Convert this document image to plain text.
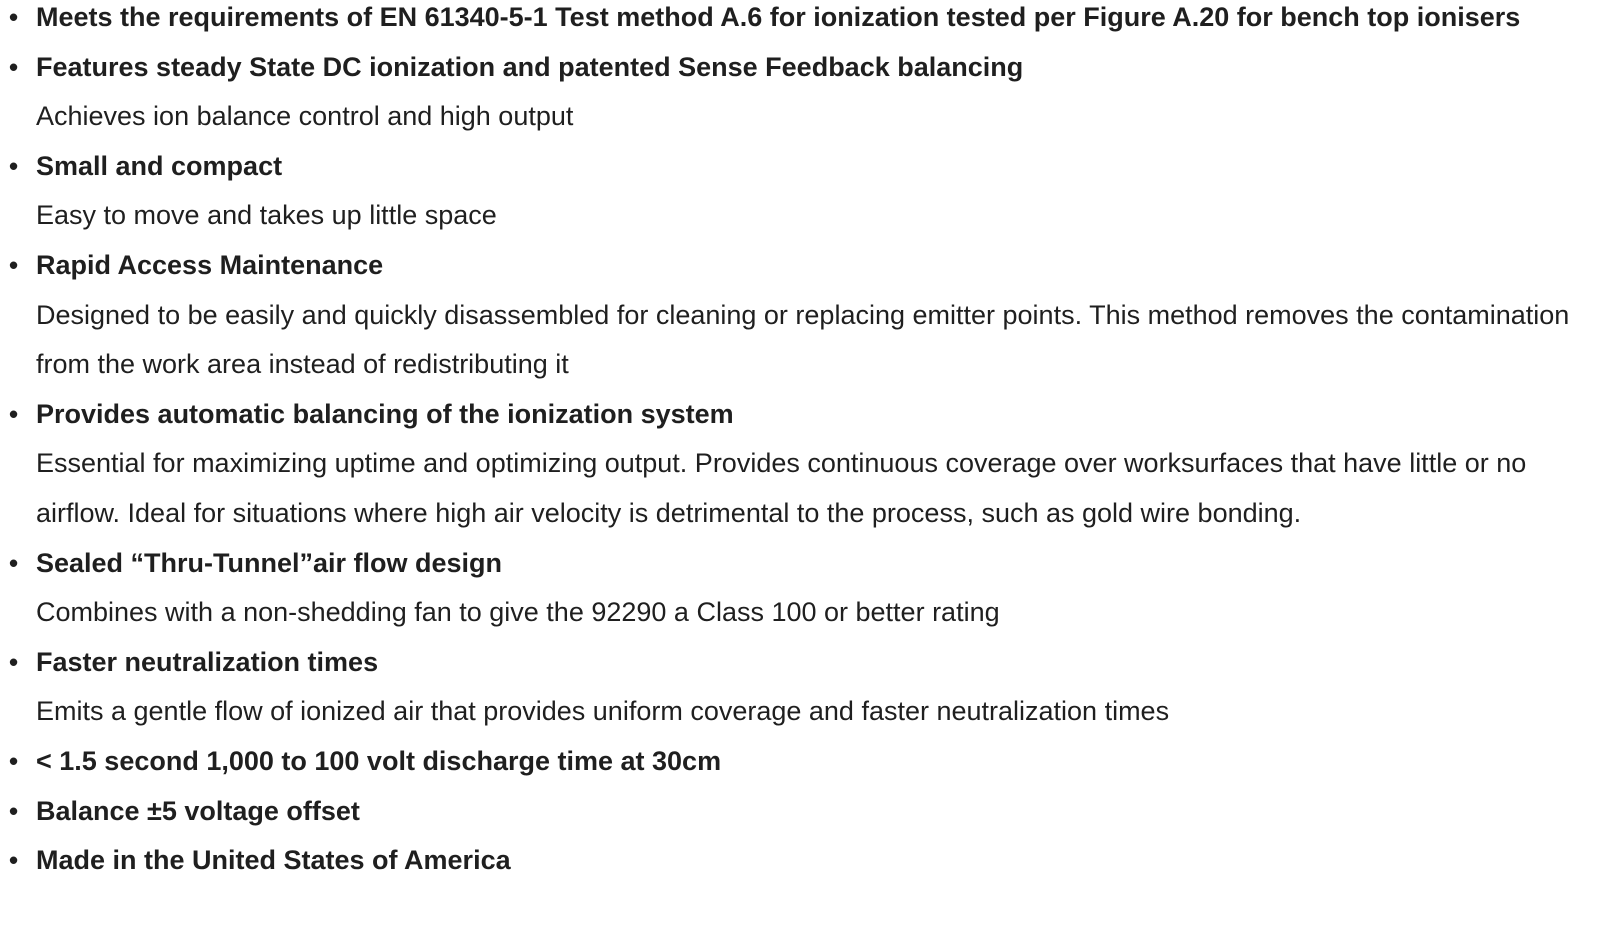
• Meets the requirements of EN 61340-5-1 Test method A.6 for ionization tested per Figure A.20 for bench top ionisers
• Features steady State DC ionization and patented Sense Feedback balancing
Achieves ion balance control and high output
• Small and compact
Easy to move and takes up little space
• Rapid Access Maintenance
Designed to be easily and quickly disassembled for cleaning or replacing emitter points. This method removes the contamination from the work area instead of redistributing it
• Provides automatic balancing of the ionization system
Essential for maximizing uptime and optimizing output. Provides continuous coverage over worksurfaces that have little or no airflow. Ideal for situations where high air velocity is detrimental to the process, such as gold wire bonding.
• Sealed “Thru-Tunnel”air flow design
Combines with a non-shedding fan to give the 92290 a Class 100 or better rating
• Faster neutralization times
Emits a gentle flow of ionized air that provides uniform coverage and faster neutralization times
• < 1.5 second 1,000 to 100 volt discharge time at 30cm
• Balance ±5 voltage offset
• Made in the United States of America
